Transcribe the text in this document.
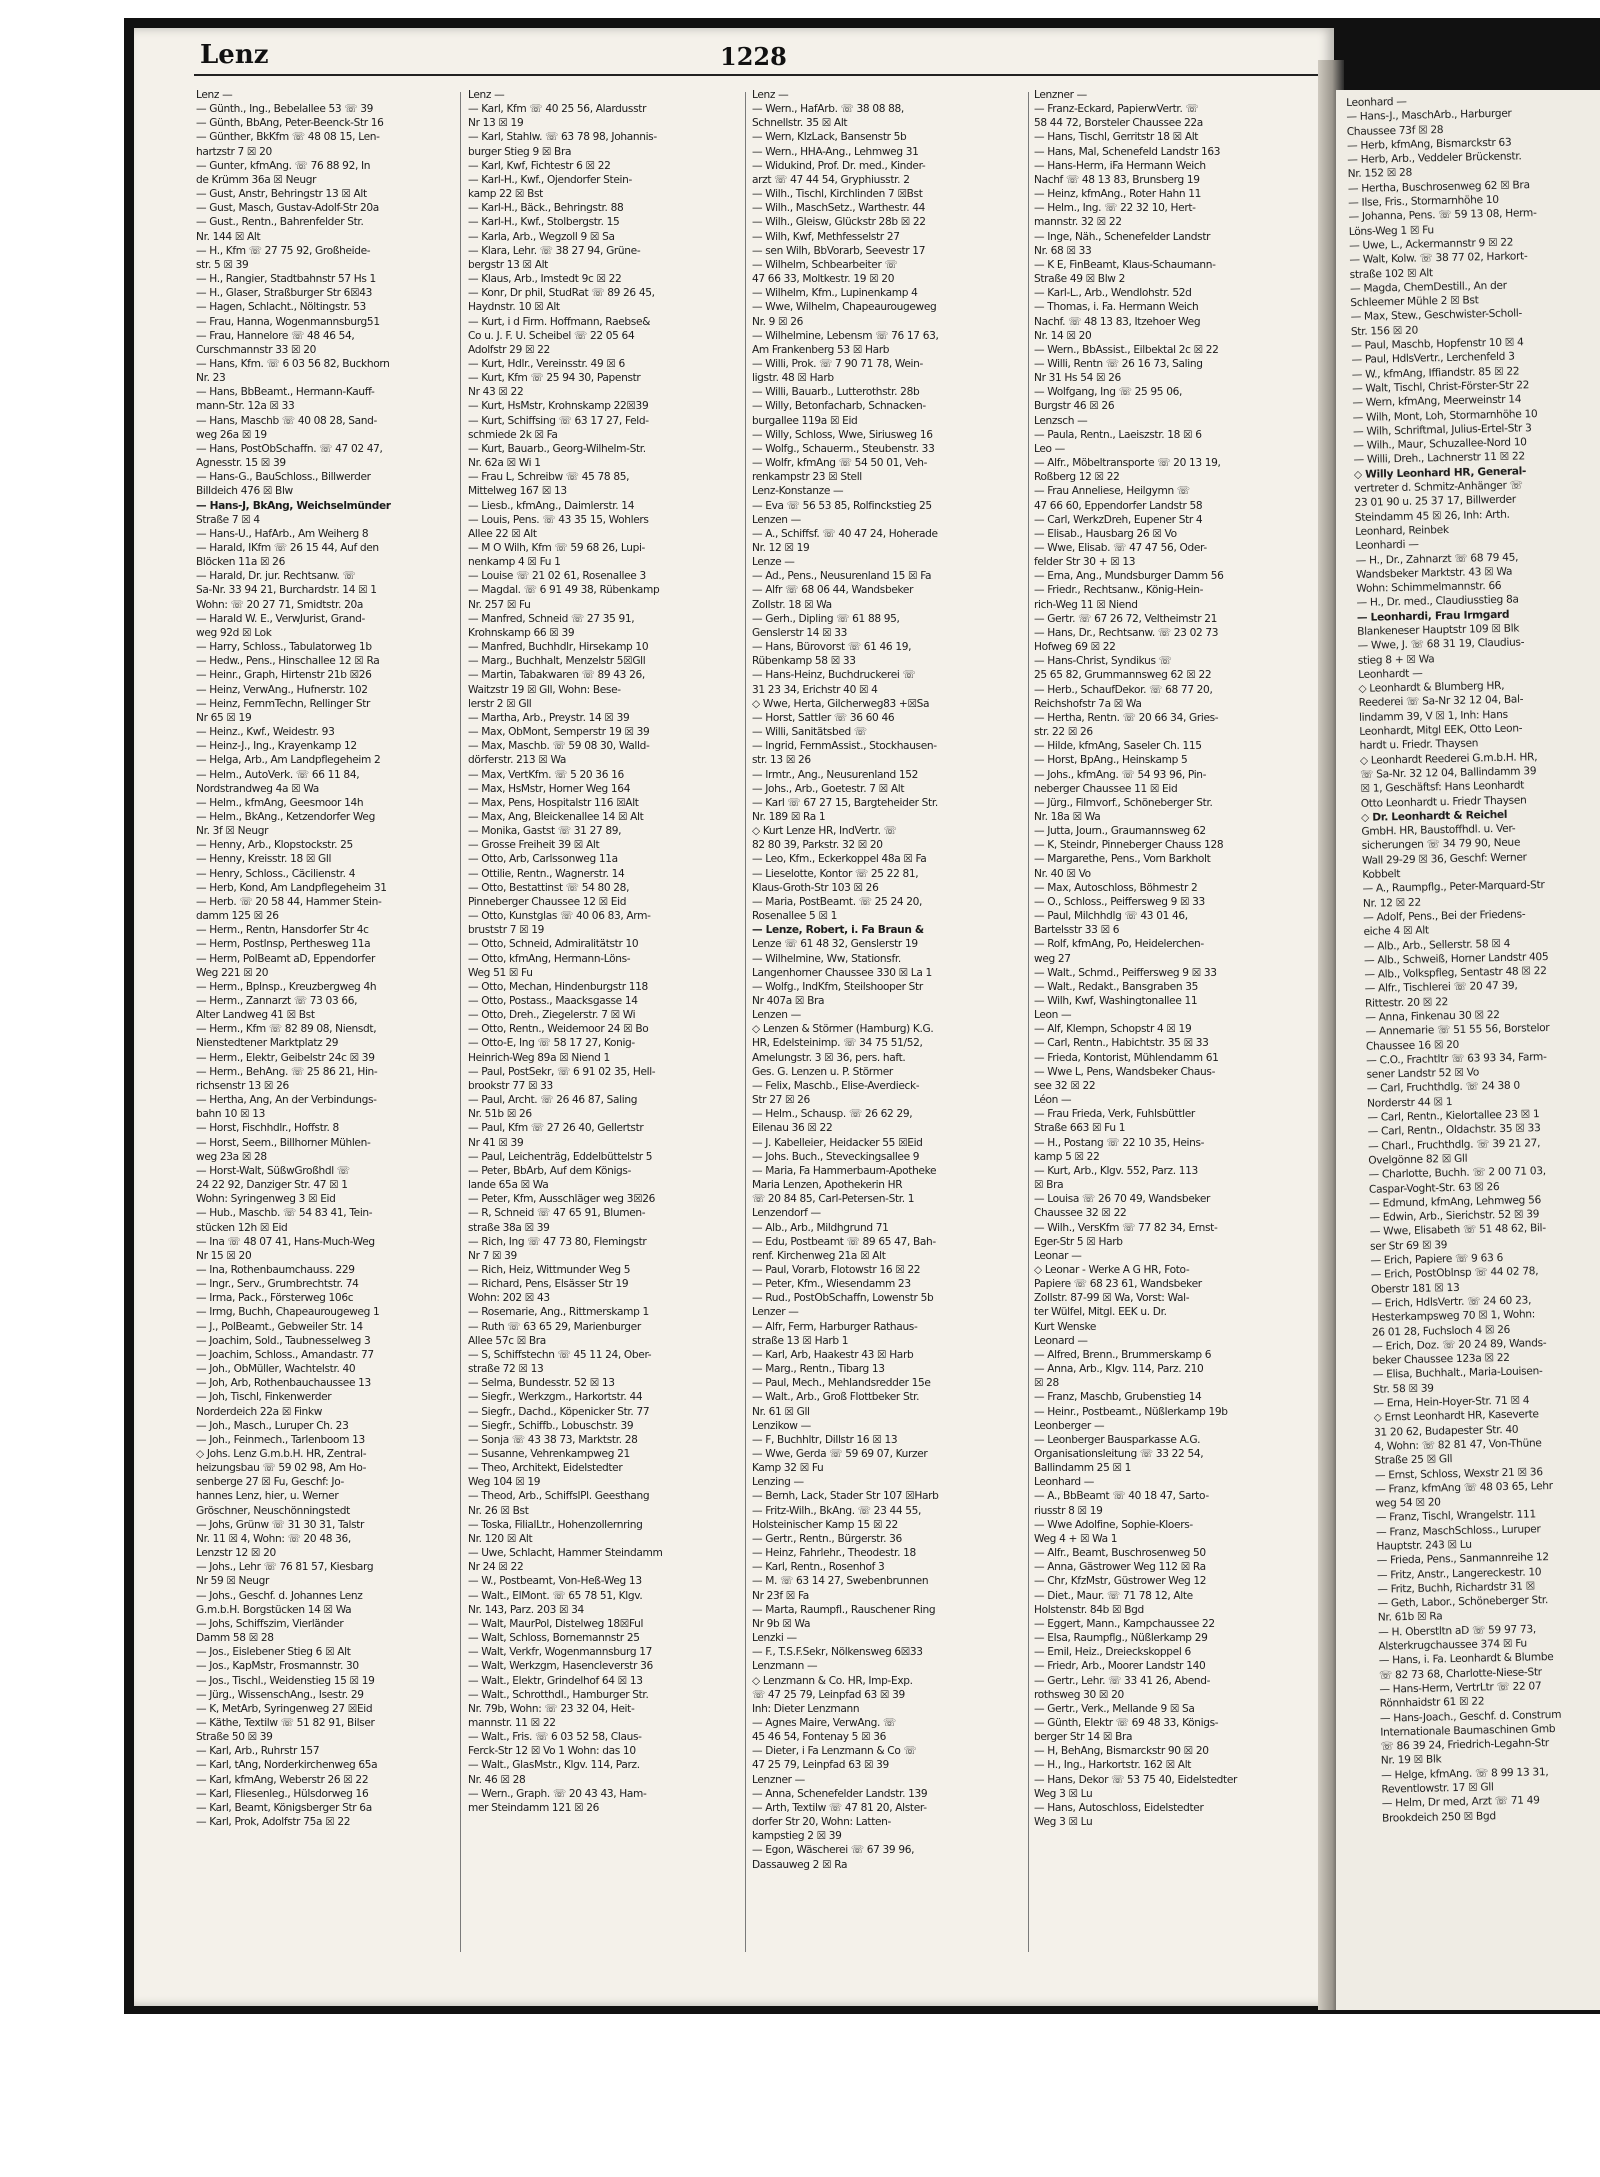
Lenz	1228
Lenz —
— Günth., Ing., Bebelallee 53 ☏ 39
— Günth, BbAng, Peter-Beenck-Str 16
— Günther, BkKfm ☏ 48 08 15, Len-
hartzstr 7 ☒ 20
— Gunter, kfmAng. ☏ 76 88 92, In
de Krümm 36a ☒ Neugr
— Gust, Anstr, Behringstr 13 ☒ Alt
— Gust, Masch, Gustav-Adolf-Str 20a
— Gust., Rentn., Bahrenfelder Str.
Nr. 144 ☒ Alt
— H., Kfm ☏ 27 75 92, Großheide-
str. 5 ☒ 39
— H., Rangier, Stadtbahnstr 57 Hs 1
— H., Glaser, Straßburger Str 6☒43
— Hagen, Schlacht., Nöltingstr. 53
— Frau, Hanna, Wogenmannsburg51
— Frau, Hannelore ☏ 48 46 54,
Curschmannstr 33 ☒ 20
— Hans, Kfm. ☏ 6 03 56 82, Buckhorn
Nr. 23
— Hans, BbBeamt., Hermann-Kauff-
mann-Str. 12a ☒ 33
— Hans, Maschb ☏ 40 08 28, Sand-
weg 26a ☒ 19
— Hans, PostObSchaffn. ☏ 47 02 47,
Agnesstr. 15 ☒ 39
— Hans-G., BauSchloss., Billwerder
Billdeich 476 ☒ Blw
— Hans-J, BkAng, Weichselmünder
Straße 7 ☒ 4
— Hans-U., HafArb., Am Weiherg 8
— Harald, IKfm ☏ 26 15 44, Auf den
Blöcken 11a ☒ 26
— Harald, Dr. jur. Rechtsanw. ☏
Sa-Nr. 33 94 21, Burchardstr. 14 ☒ 1
Wohn: ☏ 20 27 71, Smidtstr. 20a
— Harald W. E., VerwJurist, Grand-
weg 92d ☒ Lok
— Harry, Schloss., Tabulatorweg 1b
— Hedw., Pens., Hinschallee 12 ☒ Ra
— Heinr., Graph, Hirtenstr 21b ☒26
— Heinz, VerwAng., Hufnerstr. 102
— Heinz, FernmTechn, Rellinger Str
Nr 65 ☒ 19
— Heinz., Kwf., Weidestr. 93
— Heinz-J., Ing., Krayenkamp 12
— Helga, Arb., Am Landpflegeheim 2
— Helm., AutoVerk. ☏ 66 11 84,
Nordstrandweg 4a ☒ Wa
— Helm., kfmAng, Geesmoor 14h
— Helm., BkAng., Ketzendorfer Weg
Nr. 3f ☒ Neugr
— Henny, Arb., Klopstockstr. 25
— Henny, Kreisstr. 18 ☒ Gll
— Henry, Schloss., Cäcilienstr. 4
— Herb, Kond, Am Landpflegeheim 31
— Herb. ☏ 20 58 44, Hammer Stein-
damm 125 ☒ 26
— Herm., Rentn, Hansdorfer Str 4c
— Herm, Postlnsp, Perthesweg 11a
— Herm, PolBeamt aD, Eppendorfer
Weg 221 ☒ 20
— Herm., Bplnsp., Kreuzbergweg 4h
— Herm., Zannarzt ☏ 73 03 66,
Alter Landweg 41 ☒ Bst
— Herm., Kfm ☏ 82 89 08, Niensdt,
Nienstedtener Marktplatz 29
— Herm., Elektr, Geibelstr 24c ☒ 39
— Herm., BehAng. ☏ 25 86 21, Hin-
richsenstr 13 ☒ 26
— Hertha, Ang, An der Verbindungs-
bahn 10 ☒ 13
— Horst, Fischhdlr., Hoffstr. 8
— Horst, Seem., Billhorner Mühlen-
weg 23a ☒ 28
— Horst-Walt, SüßwGroßhdl ☏
24 22 92, Danziger Str. 47 ☒ 1
Wohn: Syringenweg 3 ☒ Eid
— Hub., Maschb. ☏ 54 83 41, Tein-
stücken 12h ☒ Eid
— Ina ☏ 48 07 41, Hans-Much-Weg
Nr 15 ☒ 20
— Ina, Rothenbaumchauss. 229
— Ingr., Serv., Grumbrechtstr. 74
— Irma, Pack., Försterweg 106c
— Irmg, Buchh, Chapeaurougeweg 1
— J., PolBeamt., Gebweiler Str. 14
— Joachim, Sold., Taubnesselweg 3
— Joachim, Schloss., Amandastr. 77
— Joh., ObMüller, Wachtelstr. 40
— Joh, Arb, Rothenbauchaussee 13
— Joh, Tischl, Finkenwerder
Norderdeich 22a ☒ Finkw
— Joh., Masch., Luruper Ch. 23
— Joh., Feinmech., Tarlenboom 13
◇ Johs. Lenz G.m.b.H. HR, Zentral-
heizungsbau ☏ 59 02 98, Am Ho-
senberge 27 ☒ Fu, Geschf: Jo-
hannes Lenz, hier, u. Werner
Gröschner, Neuschönningstedt
— Johs, Grünw ☏ 31 30 31, Talstr
Nr. 11 ☒ 4, Wohn: ☏ 20 48 36,
Lenzstr 12 ☒ 20
— Johs., Lehr ☏ 76 81 57, Kiesbarg
Nr 59 ☒ Neugr
— Johs., Geschf. d. Johannes Lenz
G.m.b.H. Borgstücken 14 ☒ Wa
— Johs, Schiffszim, Vierländer
Damm 58 ☒ 28
— Jos., Eislebener Stieg 6 ☒ Alt
— Jos., KapMstr, Frosmannstr. 30
— Jos., Tischl., Weidenstieg 15 ☒ 19
— Jürg., WissenschAng., Isestr. 29
— K, MetArb, Syringenweg 27 ☒Eid
— Käthe, Textilw ☏ 51 82 91, Bilser
Straße 50 ☒ 39
— Karl, Arb., Ruhrstr 157
— Karl, tAng, Norderkirchenweg 65a
— Karl, kfmAng, Weberstr 26 ☒ 22
— Karl, Fliesenleg., Hülsdorweg 16
— Karl, Beamt, Königsberger Str 6a
— Karl, Prok, Adolfstr 75a ☒ 22
Lenz —
— Karl, Kfm ☏ 40 25 56, Alardusstr
Nr 13 ☒ 19
— Karl, Stahlw. ☏ 63 78 98, Johannis-
burger Stieg 9 ☒ Bra
— Karl, Kwf, Fichtestr 6 ☒ 22
— Karl-H., Kwf., Ojendorfer Stein-
kamp 22 ☒ Bst
— Karl-H., Bäck., Behringstr. 88
— Karl-H., Kwf., Stolbergstr. 15
— Karla, Arb., Wegzoll 9 ☒ Sa
— Klara, Lehr. ☏ 38 27 94, Grüne-
bergstr 13 ☒ Alt
— Klaus, Arb., Imstedt 9c ☒ 22
— Konr, Dr phil, StudRat ☏ 89 26 45,
Haydnstr. 10 ☒ Alt
— Kurt, i d Firm. Hoffmann, Raebse&
Co u. J. F. U. Scheibel ☏ 22 05 64
Adolfstr 29 ☒ 22
— Kurt, Hdlr., Vereinsstr. 49 ☒ 6
— Kurt, Kfm ☏ 25 94 30, Papenstr
Nr 43 ☒ 22
— Kurt, HsMstr, Krohnskamp 22☒39
— Kurt, Schiffsing ☏ 63 17 27, Feld-
schmiede 2k ☒ Fa
— Kurt, Bauarb., Georg-Wilhelm-Str.
Nr. 62a ☒ Wi 1
— Frau L, Schreibw ☏ 45 78 85,
Mittelweg 167 ☒ 13
— Liesb., kfmAng., Daimlerstr. 14
— Louis, Pens. ☏ 43 35 15, Wohlers
Allee 22 ☒ Alt
— M O Wilh, Kfm ☏ 59 68 26, Lupi-
nenkamp 4 ☒ Fu 1
— Louise ☏ 21 02 61, Rosenallee 3
— Magdal. ☏ 6 91 49 38, Rübenkamp
Nr. 257 ☒ Fu
— Manfred, Schneid ☏ 27 35 91,
Krohnskamp 66 ☒ 39
— Manfred, Buchhdlr, Hirsekamp 10
— Marg., Buchhalt, Menzelstr 5☒Gll
— Martin, Tabakwaren ☏ 89 43 26,
Waitzstr 19 ☒ Gll, Wohn: Bese-
lerstr 2 ☒ Gll
— Martha, Arb., Preystr. 14 ☒ 39
— Max, ObMont, Semperstr 19 ☒ 39
— Max, Maschb. ☏ 59 08 30, Walld-
dörferstr. 213 ☒ Wa
— Max, VertKfm. ☏ 5 20 36 16
— Max, HsMstr, Horner Weg 164
— Max, Pens, Hospitalstr 116 ☒Alt
— Max, Ang, Bleickenallee 14 ☒ Alt
— Monika, Gastst ☏ 31 27 89,
— Grosse Freiheit 39 ☒ Alt
— Otto, Arb, Carlssonweg 11a
— Ottilie, Rentn., Wagnerstr. 14
— Otto, Bestattinst ☏ 54 80 28,
Pinneberger Chaussee 12 ☒ Eid
— Otto, Kunstglas ☏ 40 06 83, Arm-
bruststr 7 ☒ 19
— Otto, Schneid, Admiralitätstr 10
— Otto, kfmAng, Hermann-Löns-
Weg 51 ☒ Fu
— Otto, Mechan, Hindenburgstr 118
— Otto, Postass., Maacksgasse 14
— Otto, Dreh., Ziegelerstr. 7 ☒ Wi
— Otto, Rentn., Weidemoor 24 ☒ Bo
— Otto-E, Ing ☏ 58 17 27, Konig-
Heinrich-Weg 89a ☒ Niend 1
— Paul, PostSekr, ☏ 6 91 02 35, Hell-
brookstr 77 ☒ 33
— Paul, Archt. ☏ 26 46 87, Saling
Nr. 51b ☒ 26
— Paul, Kfm ☏ 27 26 40, Gellertstr
Nr 41 ☒ 39
— Paul, Leichenträg, Eddelbüttelstr 5
— Peter, BbArb, Auf dem Königs-
lande 65a ☒ Wa
— Peter, Kfm, Ausschläger weg 3☒26
— R, Schneid ☏ 47 65 91, Blumen-
straße 38a ☒ 39
— Rich, Ing ☏ 47 73 80, Flemingstr
Nr 7 ☒ 39
— Rich, Heiz, Wittmunder Weg 5
— Richard, Pens, Elsässer Str 19
Wohn: 202 ☒ 43
— Rosemarie, Ang., Rittmerskamp 1
— Ruth ☏ 63 65 29, Marienburger
Allee 57c ☒ Bra
— S, Schiffstechn ☏ 45 11 24, Ober-
straße 72 ☒ 13
— Selma, Bundesstr. 52 ☒ 13
— Siegfr., Werkzgm., Harkortstr. 44
— Siegfr., Dachd., Köpenicker Str. 77
— Siegfr., Schiffb., Lobuschstr. 39
— Sonja ☏ 43 38 73, Marktstr. 28
— Susanne, Vehrenkampweg 21
— Theo, Architekt, Eidelstedter
Weg 104 ☒ 19
— Theod, Arb., SchiffslPl. Geesthang
Nr. 26 ☒ Bst
— Toska, FilialLtr., Hohenzollernring
Nr. 120 ☒ Alt
— Uwe, Schlacht, Hammer Steindamm
Nr 24 ☒ 22
— W., Postbeamt, Von-Heß-Weg 13
— Walt., ElMont. ☏ 65 78 51, Klgv.
Nr. 143, Parz. 203 ☒ 34
— Walt, MaurPol, Distelweg 18☒Ful
— Walt, Schloss, Bornemannstr 25
— Walt, Verkfr, Wogenmannsburg 17
— Walt, Werkzgm, Hasencleverstr 36
— Walt., Elektr, Grindelhof 64 ☒ 13
— Walt., Schrotthdl., Hamburger Str.
Nr. 79b, Wohn: ☏ 23 32 04, Heit-
mannstr. 11 ☒ 22
— Walt., Fris. ☏ 6 03 52 58, Claus-
Ferck-Str 12 ☒ Vo 1 Wohn: das 10
— Walt., GlasMstr., Klgv. 114, Parz.
Nr. 46 ☒ 28
— Wern., Graph. ☏ 20 43 43, Ham-
mer Steindamm 121 ☒ 26
Lenz —
— Wern., HafArb. ☏ 38 08 88,
Schnellstr. 35 ☒ Alt
— Wern, KlzLack, Bansenstr 5b
— Wern., HHA-Ang., Lehmweg 31
— Widukind, Prof. Dr. med., Kinder-
arzt ☏ 47 44 54, Gryphiusstr. 2
— Wilh., Tischl, Kirchlinden 7 ☒Bst
— Wilh., MaschSetz., Warthestr. 44
— Wilh., Gleisw, Glückstr 28b ☒ 22
— Wilh, Kwf, Methfesselstr 27
— sen Wilh, BbVorarb, Seevestr 17
— Wilhelm, Schbearbeiter ☏
47 66 33, Moltkestr. 19 ☒ 20
— Wilhelm, Kfm., Lupinenkamp 4
— Wwe, Wilhelm, Chapeaurougeweg
Nr. 9 ☒ 26
— Wilhelmine, Lebensm ☏ 76 17 63,
Am Frankenberg 53 ☒ Harb
— Willi, Prok. ☏ 7 90 71 78, Wein-
ligstr. 48 ☒ Harb
— Willi, Bauarb., Lutterothstr. 28b
— Willy, Betonfacharb, Schnacken-
burgallee 119a ☒ Eid
— Willy, Schloss, Wwe, Siriusweg 16
— Wolfg., Schauerm., Steubenstr. 33
— Wolfr, kfmAng ☏ 54 50 01, Veh-
renkampstr 23 ☒ Stell
Lenz-Konstanze —
— Eva ☏ 56 53 85, Rolfinckstieg 25
Lenzen —
— A., Schiffsf. ☏ 40 47 24, Hoherade
Nr. 12 ☒ 19
Lenze —
— Ad., Pens., Neusurenland 15 ☒ Fa
— Alfr ☏ 68 06 44, Wandsbeker
Zollstr. 18 ☒ Wa
— Gerh., Dipling ☏ 61 88 95,
Genslerstr 14 ☒ 33
— Hans, Bürovorst ☏ 61 46 19,
Rübenkamp 58 ☒ 33
— Hans-Heinz, Buchdruckerei ☏
31 23 34, Erichstr 40 ☒ 4
◇ Wwe, Herta, Gilcherweg83 +☒Sa
— Horst, Sattler ☏ 36 60 46
— Willi, Sanitätsbed ☏
— Ingrid, FernmAssist., Stockhausen-
str. 13 ☒ 26
— Irmtr., Ang., Neusurenland 152
— Johs., Arb., Goetestr. 7 ☒ Alt
— Karl ☏ 67 27 15, Bargteheider Str.
Nr. 189 ☒ Ra 1
◇ Kurt Lenze HR, IndVertr. ☏
82 80 39, Parkstr. 32 ☒ 20
— Leo, Kfm., Eckerkoppel 48a ☒ Fa
— Lieselotte, Kontor ☏ 25 22 81,
Klaus-Groth-Str 103 ☒ 26
— Maria, PostBeamt. ☏ 25 24 20,
Rosenallee 5 ☒ 1
— Lenze, Robert, i. Fa Braun &
Lenze ☏ 61 48 32, Genslerstr 19
— Wilhelmine, Ww, Stationsfr.
Langenhorner Chaussee 330 ☒ La 1
— Wolfg., IndKfm, Steilshooper Str
Nr 407a ☒ Bra
Lenzen —
◇ Lenzen & Störmer (Hamburg) K.G.
HR, Edelsteinimp. ☏ 34 75 51/52,
Amelungstr. 3 ☒ 36, pers. haft.
Ges. G. Lenzen u. P. Störmer
— Felix, Maschb., Elise-Averdieck-
Str 27 ☒ 26
— Helm., Schausp. ☏ 26 62 29,
Eilenau 36 ☒ 22
— J. Kabelleier, Heidacker 55 ☒Eid
— Johs. Buch., Steveckingsallee 9
— Maria, Fa Hammerbaum-Apotheke
Maria Lenzen, Apothekerin HR
☏ 20 84 85, Carl-Petersen-Str. 1
Lenzendorf —
— Alb., Arb., Mildhgrund 71
— Edu, Postbeamt ☏ 89 65 47, Bah-
renf. Kirchenweg 21a ☒ Alt
— Paul, Vorarb, Flotowstr 16 ☒ 22
— Peter, Kfm., Wiesendamm 23
— Rud., PostObSchaffn, Lowenstr 5b
Lenzer —
— Alfr, Ferm, Harburger Rathaus-
straße 13 ☒ Harb 1
— Karl, Arb, Haakestr 43 ☒ Harb
— Marg., Rentn., Tibarg 13
— Paul, Mech., Mehlandsredder 15e
— Walt., Arb., Groß Flottbeker Str.
Nr. 61 ☒ Gll
Lenzikow —
— F, Buchhltr, Dillstr 16 ☒ 13
— Wwe, Gerda ☏ 59 69 07, Kurzer
Kamp 32 ☒ Fu
Lenzing —
— Bernh, Lack, Stader Str 107 ☒Harb
— Fritz-Wilh., BkAng. ☏ 23 44 55,
Holsteinischer Kamp 15 ☒ 22
— Gertr., Rentn., Bürgerstr. 36
— Heinz, Fahrlehr., Theodestr. 18
— Karl, Rentn., Rosenhof 3
— M. ☏ 63 14 27, Swebenbrunnen
Nr 23f ☒ Fa
— Marta, Raumpfl., Rauschener Ring
Nr 9b ☒ Wa
Lenzki —
— F., T.S.F.Sekr, Nölkensweg 6☒33
Lenzmann —
◇ Lenzmann & Co. HR, Imp-Exp.
☏ 47 25 79, Leinpfad 63 ☒ 39
Inh: Dieter Lenzmann
— Agnes Maire, VerwAng. ☏
45 46 54, Fontenay 5 ☒ 36
— Dieter, i Fa Lenzmann & Co ☏
47 25 79, Leinpfad 63 ☒ 39
Lenzner —
— Anna, Schenefelder Landstr. 139
— Arth, Textilw ☏ 47 81 20, Alster-
dorfer Str 20, Wohn: Latten-
kampstieg 2 ☒ 39
— Egon, Wäscherei ☏ 67 39 96,
Dassauweg 2 ☒ Ra
Lenzner —
— Franz-Eckard, PapierwVertr. ☏
58 44 72, Borsteler Chaussee 22a
— Hans, Tischl, Gerritstr 18 ☒ Alt
— Hans, Mal, Schenefeld Landstr 163
— Hans-Herm, iFa Hermann Weich
Nachf ☏ 48 13 83, Brunsberg 19
— Heinz, kfmAng., Roter Hahn 11
— Helm., Ing. ☏ 22 32 10, Hert-
mannstr. 32 ☒ 22
— Inge, Näh., Schenefelder Landstr
Nr. 68 ☒ 33
— K E, FinBeamt, Klaus-Schaumann-
Straße 49 ☒ Blw 2
— Karl-L., Arb., Wendlohstr. 52d
— Thomas, i. Fa. Hermann Weich
Nachf. ☏ 48 13 83, Itzehoer Weg
Nr. 14 ☒ 20
— Wern., BbAssist., Eilbektal 2c ☒ 22
— Willi, Rentn ☏ 26 16 73, Saling
Nr 31 Hs 54 ☒ 26
— Wolfgang, Ing ☏ 25 95 06,
Burgstr 46 ☒ 26
Lenzsch —
— Paula, Rentn., Laeiszstr. 18 ☒ 6
Leo —
— Alfr., Möbeltransporte ☏ 20 13 19,
Roßberg 12 ☒ 22
— Frau Anneliese, Heilgymn ☏
47 66 60, Eppendorfer Landstr 58
— Carl, WerkzDreh, Eupener Str 4
— Elisab., Hausbarg 26 ☒ Vo
— Wwe, Elisab. ☏ 47 47 56, Oder-
felder Str 30 + ☒ 13
— Erna, Ang., Mundsburger Damm 56
— Friedr., Rechtsanw., König-Hein-
rich-Weg 11 ☒ Niend
— Gertr. ☏ 67 26 72, Veltheimstr 21
— Hans, Dr., Rechtsanw. ☏ 23 02 73
Hofweg 69 ☒ 22
— Hans-Christ, Syndikus ☏
25 65 82, Grummannsweg 62 ☒ 22
— Herb., SchaufDekor. ☏ 68 77 20,
Reichshofstr 7a ☒ Wa
— Hertha, Rentn. ☏ 20 66 34, Gries-
str. 22 ☒ 26
— Hilde, kfmAng, Saseler Ch. 115
— Horst, BpAng., Heinskamp 5
— Johs., kfmAng. ☏ 54 93 96, Pin-
neberger Chaussee 11 ☒ Eid
— Jürg., Filmvorf., Schöneberger Str.
Nr. 18a ☒ Wa
— Jutta, Journ., Graumannsweg 62
— K, Steindr, Pinneberger Chauss 128
— Margarethe, Pens., Vorn Barkholt
Nr. 40 ☒ Vo
— Max, Autoschloss, Böhmestr 2
— O., Schloss., Peiffersweg 9 ☒ 33
— Paul, Milchhdlg ☏ 43 01 46,
Bartelsstr 33 ☒ 6
— Rolf, kfmAng, Po, Heidelerchen-
weg 27
— Walt., Schmd., Peiffersweg 9 ☒ 33
— Walt., Redakt., Bansgraben 35
— Wilh, Kwf, Washingtonallee 11
Leon —
— Alf, Klempn, Schopstr 4 ☒ 19
— Carl, Rentn., Habichtstr. 35 ☒ 33
— Friedа, Kontorist, Mühlendamm 61
— Wwe L, Pens, Wandsbeker Chaus-
see 32 ☒ 22
Léon —
— Frau Frieda, Verk, Fuhlsbüttler
Straße 663 ☒ Fu 1
— H., Postang ☏ 22 10 35, Heins-
kamp 5 ☒ 22
— Kurt, Arb., Klgv. 552, Parz. 113
☒ Bra
— Louisa ☏ 26 70 49, Wandsbeker
Chaussee 32 ☒ 22
— Wilh., VersKfm ☏ 77 82 34, Ernst-
Eger-Str 5 ☒ Harb
Leonar —
◇ Leonar - Werke A G HR, Foto-
Papiere ☏ 68 23 61, Wandsbeker
Zollstr. 87-99 ☒ Wa, Vorst: Wal-
ter Wülfel, Mitgl. EEK u. Dr.
Kurt Wenske
Leonard —
— Alfred, Brenn., Brummerskamp 6
— Anna, Arb., Klgv. 114, Parz. 210
☒ 28
— Franz, Maschb, Grubenstieg 14
— Heinr., Postbeamt., Nüßlerkamp 19b
Leonberger —
— Leonberger Bausparkasse A.G.
Organisationsleitung ☏ 33 22 54,
Ballindamm 25 ☒ 1
Leonhard —
— A., BbBeamt ☏ 40 18 47, Sarto-
riusstr 8 ☒ 19
— Wwe Adolfine, Sophie-Kloers-
Weg 4 + ☒ Wa 1
— Alfr., Beamt, Buschrosenweg 50
— Anna, Gästrower Weg 112 ☒ Ra
— Chr, KfzMstr, Güstrower Weg 12
— Diet., Maur. ☏ 71 78 12, Alte
Holstenstr. 84b ☒ Bgd
— Eggert, Mann., Kampchaussee 22
— Elsa, Raumpflg., Nüßlerkamp 29
— Emil, Heiz., Dreieckskoppel 6
— Friedr, Arb., Moorer Landstr 140
— Gertr., Lehr. ☏ 33 41 26, Abend-
rothsweg 30 ☒ 20
— Gertr., Verk., Mellande 9 ☒ Sa
— Günth, Elektr ☏ 69 48 33, Königs-
berger Str 14 ☒ Bra
— H, BehAng, Bismarckstr 90 ☒ 20
— H., Ing., Harkortstr. 162 ☒ Alt
— Hans, Dekor ☏ 53 75 40, Eidelstedter
Weg 3 ☒ Lu
— Hans, Autoschloss, Eidelstedter
Weg 3 ☒ Lu
Leonhard —
— Hans-J., MaschArb., Harburger
Chaussee 73f ☒ 28
— Herb, kfmAng, Bismarckstr 63
— Herb, Arb., Veddeler Brückenstr.
Nr. 152 ☒ 28
— Hertha, Buschrosenweg 62 ☒ Bra
— Ilse, Fris., Stormarnhöhe 10
— Johanna, Pens. ☏ 59 13 08, Herm-
Löns-Weg 1 ☒ Fu
— Uwe, L., Ackermannstr 9 ☒ 22
— Walt, Kolw. ☏ 38 77 02, Harkort-
straße 102 ☒ Alt
— Magda, ChemDestill., An der
Schleemer Mühle 2 ☒ Bst
— Max, Stew., Geschwister-Scholl-
Str. 156 ☒ 20
— Paul, Maschb, Hopfenstr 10 ☒ 4
— Paul, HdlsVertr., Lerchenfeld 3
— W., kfmAng, Iffiandstr. 85 ☒ 22
— Walt, Tischl, Christ-Förster-Str 22
— Wern, kfmAng, Meerweinstr 14
— Wilh, Mont, Loh, Stormarnhöhe 10
— Wilh, Schriftmal, Julius-Ertel-Str 3
— Wilh., Maur, Schuzallee-Nord 10
— Willi, Dreh., Lachnerstr 11 ☒ 22
◇ Willy Leonhard HR, General-
vertreter d. Schmitz-Anhänger ☏
23 01 90 u. 25 37 17, Billwerder
Steindamm 45 ☒ 26, Inh: Arth.
Leonhard, Reinbek
Leonhardi —
— H., Dr., Zahnarzt ☏ 68 79 45,
Wandsbeker Marktstr. 43 ☒ Wa
Wohn: Schimmelmannstr. 66
— H., Dr. med., Claudiusstieg 8a
— Leonhardi, Frau Irmgard
Blankeneser Hauptstr 109 ☒ Blk
— Wwe, J. ☏ 68 31 19, Claudius-
stieg 8 + ☒ Wa
Leonhardt —
◇ Leonhardt & Blumberg HR,
Reederei ☏ Sa-Nr 32 12 04, Bal-
lindamm 39, V ☒ 1, Inh: Hans
Leonhardt, Mitgl EEK, Otto Leon-
hardt u. Friedr. Thaysen
◇ Leonhardt Reederei G.m.b.H. HR,
☏ Sa-Nr. 32 12 04, Ballindamm 39
☒ 1, Geschäftsf: Hans Leonhardt
Otto Leonhardt u. Friedr Thaysen
◇ Dr. Leonhardt & Reichel
GmbH. HR, Baustoffhdl. u. Ver-
sicherungen ☏ 34 79 90, Neue
Wall 29-29 ☒ 36, Geschf: Werner
Kobbelt
— A., Raumpflg., Peter-Marquard-Str
Nr. 12 ☒ 22
— Adolf, Pens., Bei der Friedens-
eiche 4 ☒ Alt
— Alb., Arb., Sellerstr. 58 ☒ 4
— Alb., Schweiß, Horner Landstr 405
— Alb., Volkspfleg, Sentastr 48 ☒ 22
— Alfr., Tischlerei ☏ 20 47 39,
Rittestr. 20 ☒ 22
— Anna, Finkenau 30 ☒ 22
— Annemarie ☏ 51 55 56, Borstelor
Chaussee 16 ☒ 20
— C.O., Frachtltr ☏ 63 93 34, Farm-
sener Landstr 52 ☒ Vo
— Carl, Fruchthdlg. ☏ 24 38 0
Norderstr 44 ☒ 1
— Carl, Rentn., Kielortallee 23 ☒ 1
— Carl, Rentn., Oldachstr. 35 ☒ 33
— Charl., Fruchthdlg. ☏ 39 21 27,
Ovelgönne 82 ☒ Gll
— Charlotte, Buchh. ☏ 2 00 71 03,
Caspar-Voght-Str. 63 ☒ 26
— Edmund, kfmAng, Lehmweg 56
— Edwin, Arb., Sierichstr. 52 ☒ 39
— Wwe, Elisabeth ☏ 51 48 62, Bil-
ser Str 69 ☒ 39
— Erich, Papiere ☏ 9 63 6
— Erich, PostOblnsp ☏ 44 02 78,
Oberstr 181 ☒ 13
— Erich, HdlsVertr. ☏ 24 60 23,
Hesterkampsweg 70 ☒ 1, Wohn:
26 01 28, Fuchsloch 4 ☒ 26
— Erich, Doz. ☏ 20 24 89, Wands-
beker Chaussee 123a ☒ 22
— Elisa, Buchhalt., Maria-Louisen-
Str. 58 ☒ 39
— Erna, Hein-Hoyer-Str. 71 ☒ 4
◇ Ernst Leonhardt HR, Kaseverte
31 20 62, Budapester Str. 40
4, Wohn: ☏ 82 81 47, Von-Thüne
Straße 25 ☒ Gll
— Ernst, Schloss, Wexstr 21 ☒ 36
— Franz, kfmAng ☏ 48 03 65, Lehr
weg 54 ☒ 20
— Franz, Tischl, Wrangelstr. 111
— Franz, MaschSchloss., Luruper
Hauptstr. 243 ☒ Lu
— Frieda, Pens., Sanmannreihe 12
— Fritz, Anstr., Langereckestr. 10
— Fritz, Buchh, Richardstr 31 ☒
— Geth, Labor., Schöneberger Str.
Nr. 61b ☒ Ra
— H. Oberstltn aD ☏ 59 97 73,
Alsterkrugchaussee 374 ☒ Fu
— Hans, i. Fa. Leonhardt & Blumbe
☏ 82 73 68, Charlotte-Niese-Str
— Hans-Herm, VertrLtr ☏ 22 07
Rönnhaidstr 61 ☒ 22
— Hans-Joach., Geschf. d. Construm
Internationale Baumaschinen Gmb
☏ 86 39 24, Friedrich-Legahn-Str
Nr. 19 ☒ Blk
— Helge, kfmAng. ☏ 8 99 13 31,
Reventlowstr. 17 ☒ Gll
— Helm, Dr med, Arzt ☏ 71 49
Brookdeich 250 ☒ Bgd
